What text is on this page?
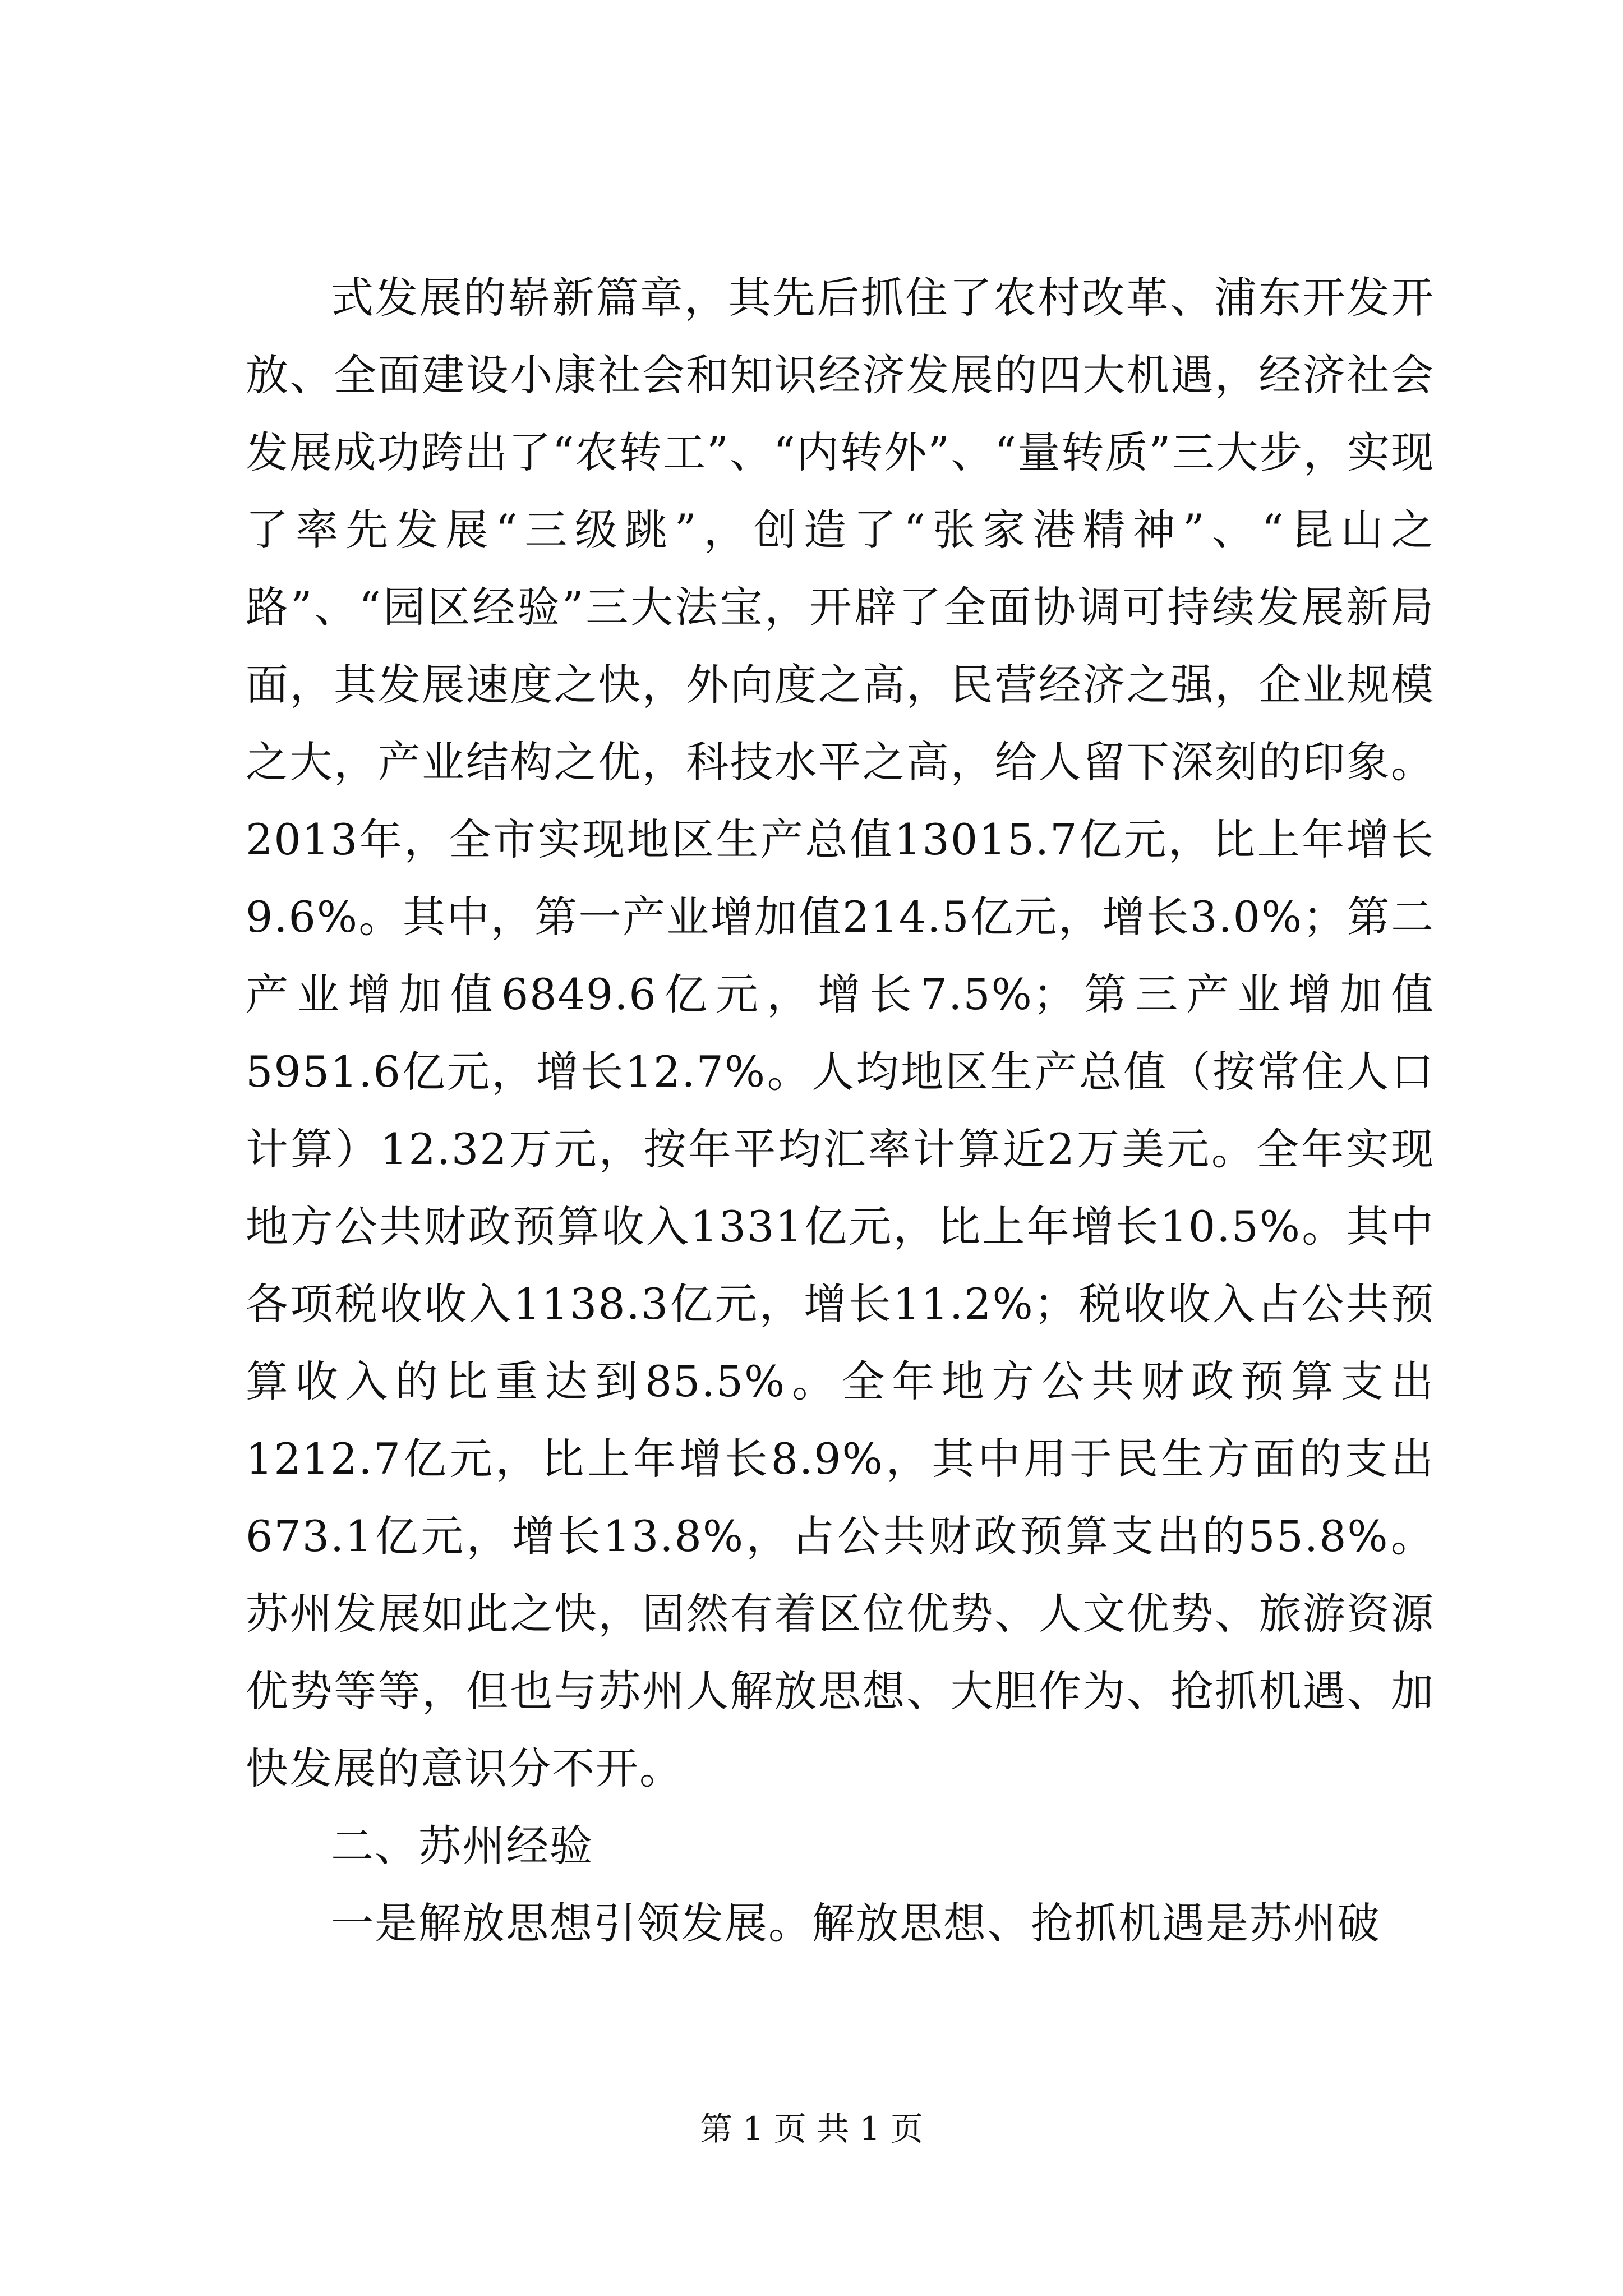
式发展的崭新篇章，其先后抓住了农村改革、浦东开发开放、全面建设小康社会和知识经济发展的四大机遇，经济社会发展成功跨出了“农转工”、“内转外”、“量转质”三大步，实现了率先发展“三级跳”，创造了“张家港精神”、“昆山之路”、“园区经验”三大法宝，开辟了全面协调可持续发展新局面，其发展速度之快，外向度之高，民营经济之强，企业规模之大，产业结构之优，科技水平之高，给人留下深刻的印象。2013年，全市实现地区生产总值13015.7亿元，比上年增长9.6%。其中，第一产业增加值214.5亿元，增长3.0%；第二产业增加值6849.6亿元，增长7.5%；第三产业增加值5951.6亿元，增长12.7%。人均地区生产总值（按常住人口计算）12.32万元，按年平均汇率计算近2万美元。全年实现地方公共财政预算收入1331亿元，比上年增长10.5%。其中各项税收收入1138.3亿元，增长11.2%；税收收入占公共预算收入的比重达到85.5%。全年地方公共财政预算支出1212.7亿元，比上年增长8.9%，其中用于民生方面的支出673.1亿元，增长13.8%，占公共财政预算支出的55.8%。苏州发展如此之快，固然有着区位优势、人文优势、旅游资源优势等等，但也与苏州人解放思想、大胆作为、抢抓机遇、加快发展的意识分不开。

二、苏州经验

一是解放思想引领发展。解放思想、抢抓机遇是苏州破

第 1 页 共 1 页
